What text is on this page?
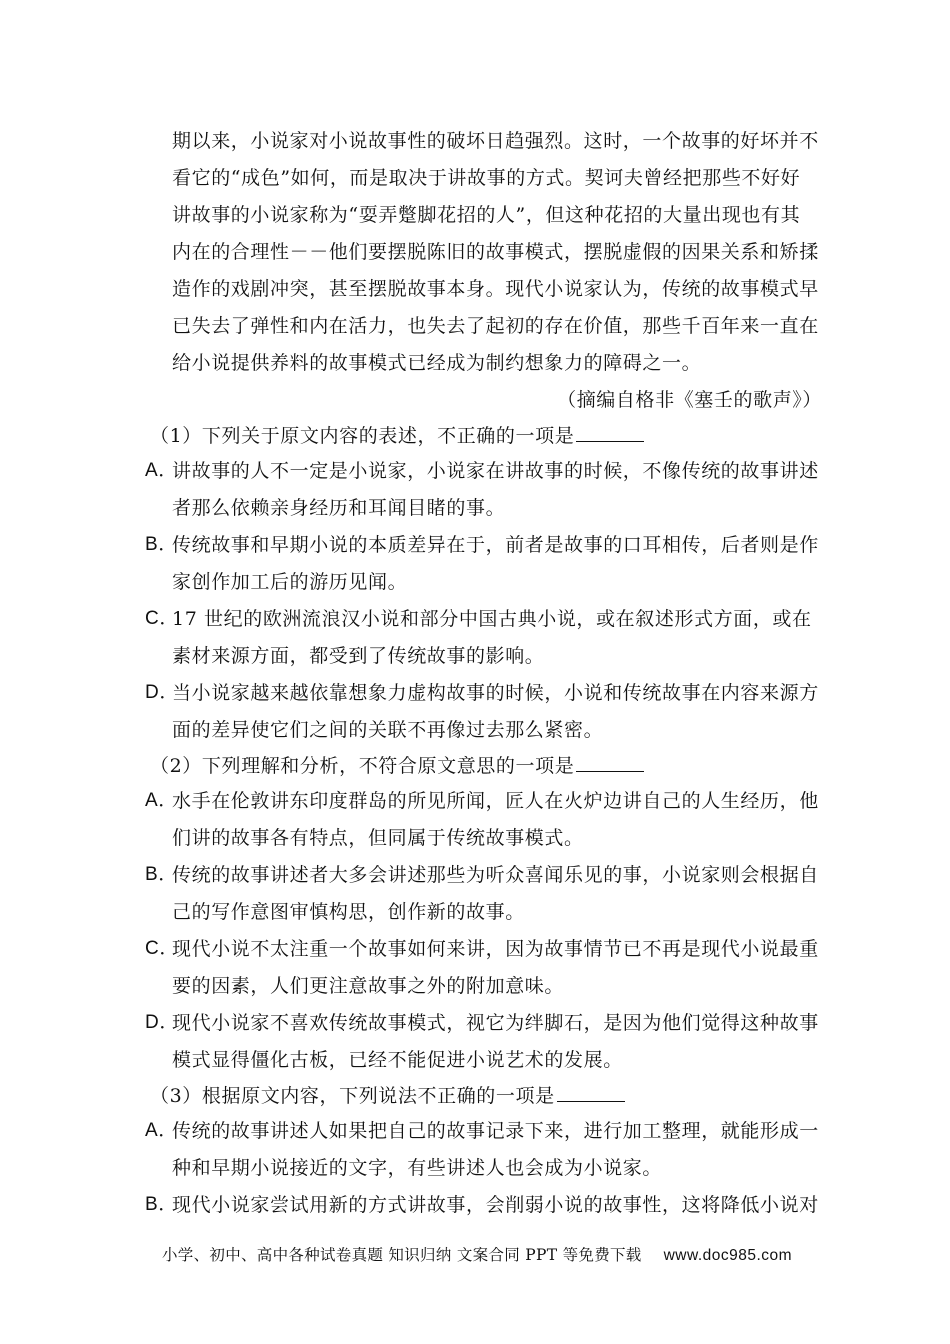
期以来，小说家对小说故事性的破坏日趋强烈。这时，一个故事的好坏并不
看它的“成色”如何，而是取决于讲故事的方式。契诃夫曾经把那些不好好
讲故事的小说家称为“耍弄蹩脚花招的人”，但这种花招的大量出现也有其
内在的合理性－－他们要摆脱陈旧的故事模式，摆脱虚假的因果关系和矫揉
造作的戏剧冲突，甚至摆脱故事本身。现代小说家认为，传统的故事模式早
已失去了弹性和内在活力，也失去了起初的存在价值，那些千百年来一直在
给小说提供养料的故事模式已经成为制约想象力的障碍之一。
（摘编自格非《塞壬的歌声》）
（1）下列关于原文内容的表述，不正确的一项是
A．
讲故事的人不一定是小说家，小说家在讲故事的时候，不像传统的故事讲述
者那么依赖亲身经历和耳闻目睹的事。
B．
传统故事和早期小说的本质差异在于，前者是故事的口耳相传，后者则是作
家创作加工后的游历见闻。
C．
17 世纪的欧洲流浪汉小说和部分中国古典小说，或在叙述形式方面，或在
素材来源方面，都受到了传统故事的影响。
D．
当小说家越来越依靠想象力虚构故事的时候，小说和传统故事在内容来源方
面的差异使它们之间的关联不再像过去那么紧密。
（2）下列理解和分析，不符合原文意思的一项是
A．
水手在伦敦讲东印度群岛的所见所闻，匠人在火炉边讲自己的人生经历，他
们讲的故事各有特点，但同属于传统故事模式。
B．
传统的故事讲述者大多会讲述那些为听众喜闻乐见的事，小说家则会根据自
己的写作意图审慎构思，创作新的故事。
C．
现代小说不太注重一个故事如何来讲，因为故事情节已不再是现代小说最重
要的因素，人们更注意故事之外的附加意味。
D．
现代小说家不喜欢传统故事模式，视它为绊脚石，是因为他们觉得这种故事
模式显得僵化古板，已经不能促进小说艺术的发展。
（3）根据原文内容，下列说法不正确的一项是
A．
传统的故事讲述人如果把自己的故事记录下来，进行加工整理，就能形成一
种和早期小说接近的文字，有些讲述人也会成为小说家。
B．
现代小说家尝试用新的方式讲故事，会削弱小说的故事性，这将降低小说对
小学、初中、高中各种试卷真题 知识归纳 文案合同 PPT 等免费下载 www.doc985.com
